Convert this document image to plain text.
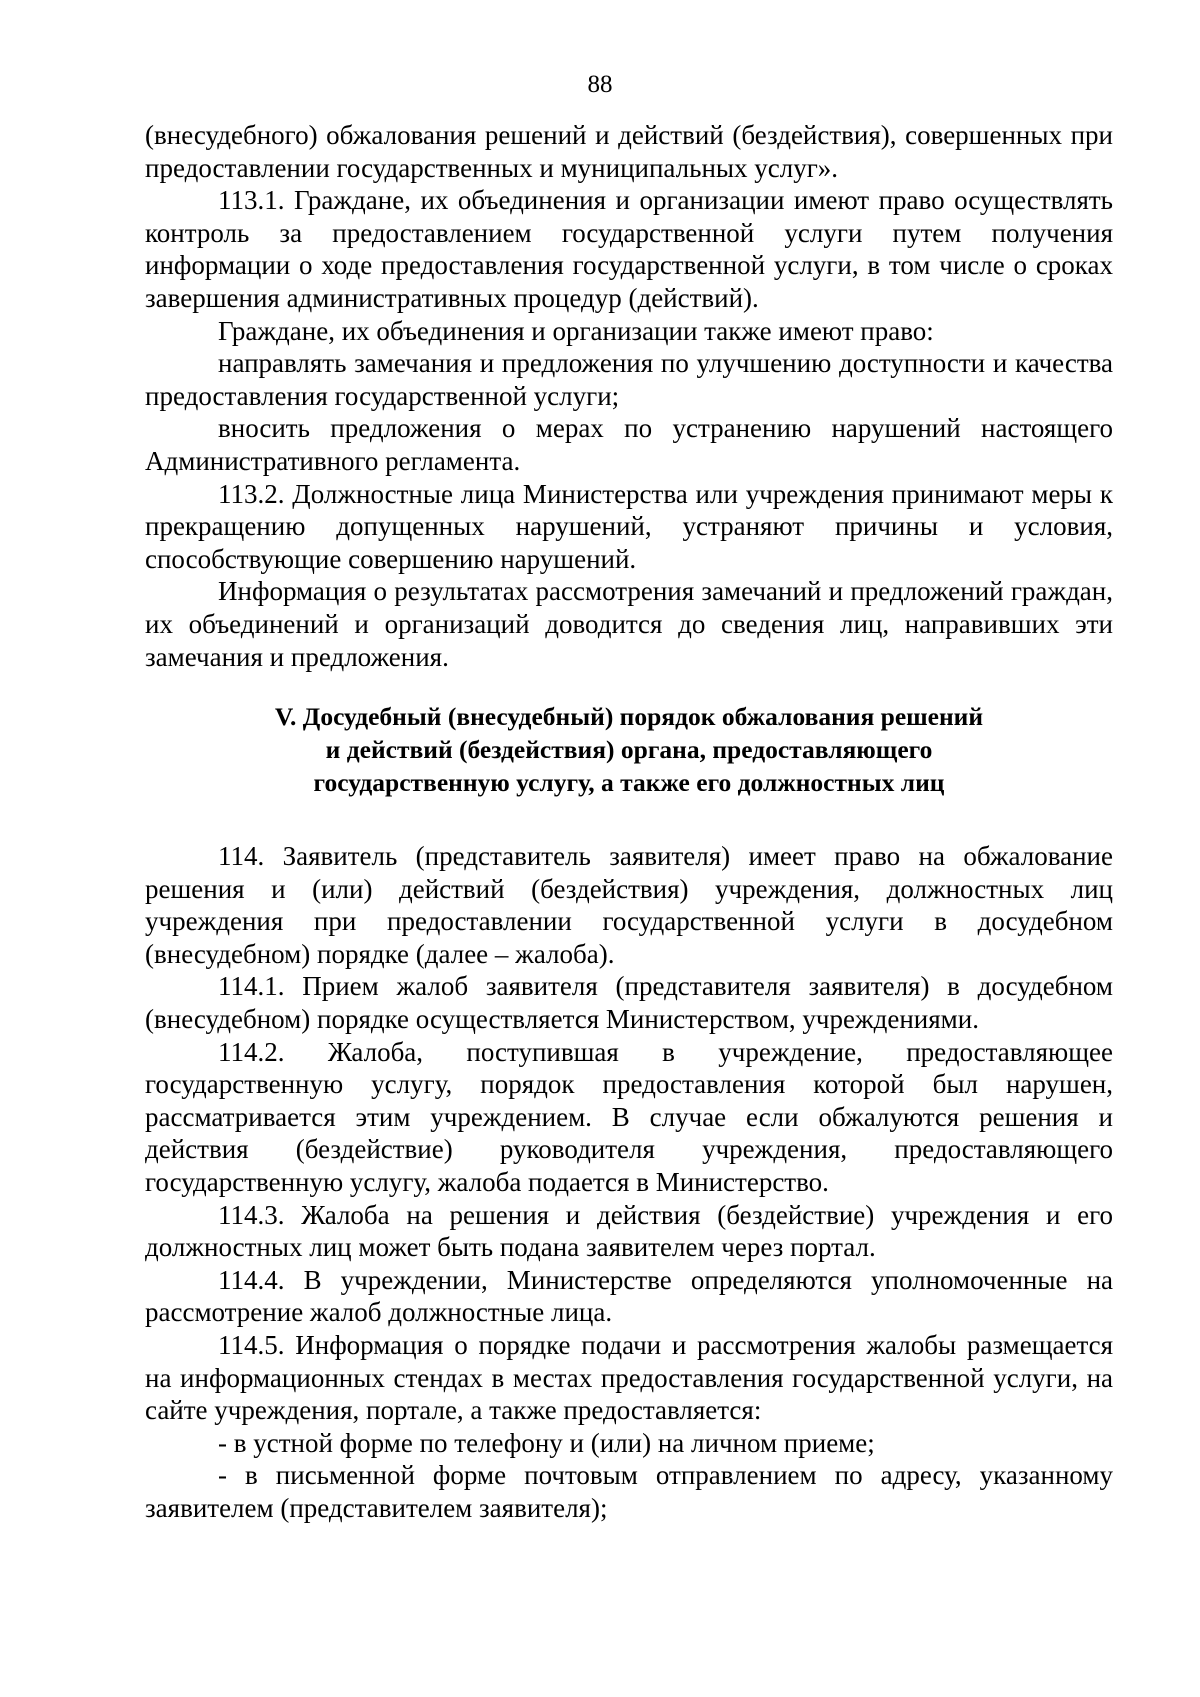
88

(внесудебного) обжалования решений и действий (бездействия), совершенных при предоставлении государственных и муниципальных услуг».

113.1. Граждане, их объединения и организации имеют право осуществлять контроль за предоставлением государственной услуги путем получения информации о ходе предоставления государственной услуги, в том числе о сроках завершения административных процедур (действий).

Граждане, их объединения и организации также имеют право:

направлять замечания и предложения по улучшению доступности и качества предоставления государственной услуги;

вносить предложения о мерах по устранению нарушений настоящего Административного регламента.

113.2. Должностные лица Министерства или учреждения принимают меры к прекращению допущенных нарушений, устраняют причины и условия, способствующие совершению нарушений.

Информация о результатах рассмотрения замечаний и предложений граждан, их объединений и организаций доводится до сведения лиц, направивших эти замечания и предложения.

V. Досудебный (внесудебный) порядок обжалования решений
и действий (бездействия) органа, предоставляющего
государственную услугу, а также его должностных лиц

114. Заявитель (представитель заявителя) имеет право на обжалование решения и (или) действий (бездействия) учреждения, должностных лиц учреждения при предоставлении государственной услуги в досудебном (внесудебном) порядке (далее – жалоба).

114.1. Прием жалоб заявителя (представителя заявителя) в досудебном (внесудебном) порядке осуществляется Министерством, учреждениями.

114.2. Жалоба, поступившая в учреждение, предоставляющее государственную услугу, порядок предоставления которой был нарушен, рассматривается этим учреждением. В случае если обжалуются решения и действия (бездействие) руководителя учреждения, предоставляющего государственную услугу, жалоба подается в Министерство.

114.3. Жалоба на решения и действия (бездействие) учреждения и его должностных лиц может быть подана заявителем через портал.

114.4. В учреждении, Министерстве определяются уполномоченные на рассмотрение жалоб должностные лица.

114.5. Информация о порядке подачи и рассмотрения жалобы размещается на информационных стендах в местах предоставления государственной услуги, на сайте учреждения, портале, а также предоставляется:

- в устной форме по телефону и (или) на личном приеме;

- в письменной форме почтовым отправлением по адресу, указанному заявителем (представителем заявителя);
